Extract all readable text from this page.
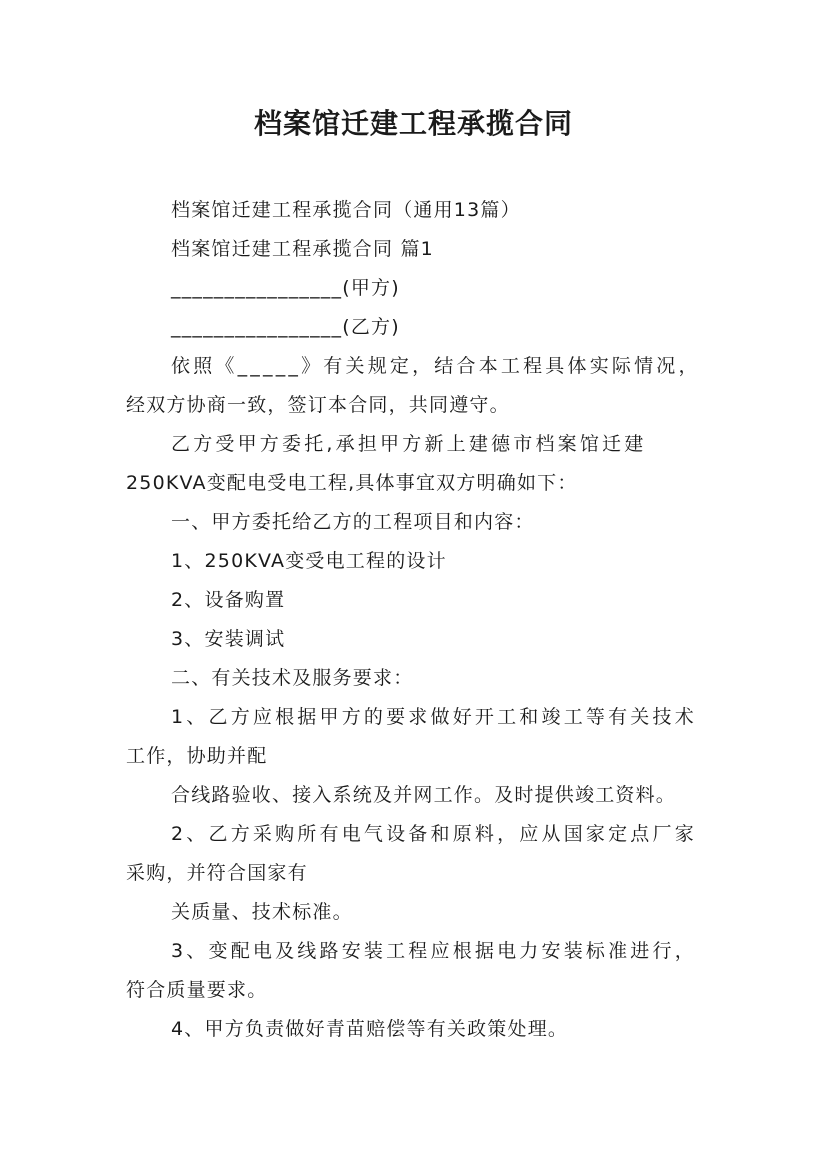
档案馆迁建工程承揽合同
档案馆迁建工程承揽合同（通用13篇）
档案馆迁建工程承揽合同 篇1
________________(甲方)
________________(乙方)
依照《_____》有关规定，结合本工程具体实际情况，
经双方协商一致，签订本合同，共同遵守。
乙方受甲方委托,承担甲方新上建德市档案馆迁建
250KVA变配电受电工程,具体事宜双方明确如下：
一、甲方委托给乙方的工程项目和内容：
1、250KVA变受电工程的设计
2、设备购置
3、安装调试
二、有关技术及服务要求：
1、乙方应根据甲方的要求做好开工和竣工等有关技术
工作，协助并配
合线路验收、接入系统及并网工作。及时提供竣工资料。
2、乙方采购所有电气设备和原料，应从国家定点厂家
采购，并符合国家有
关质量、技术标准。
3、变配电及线路安装工程应根据电力安装标准进行，
符合质量要求。
4、甲方负责做好青苗赔偿等有关政策处理。
